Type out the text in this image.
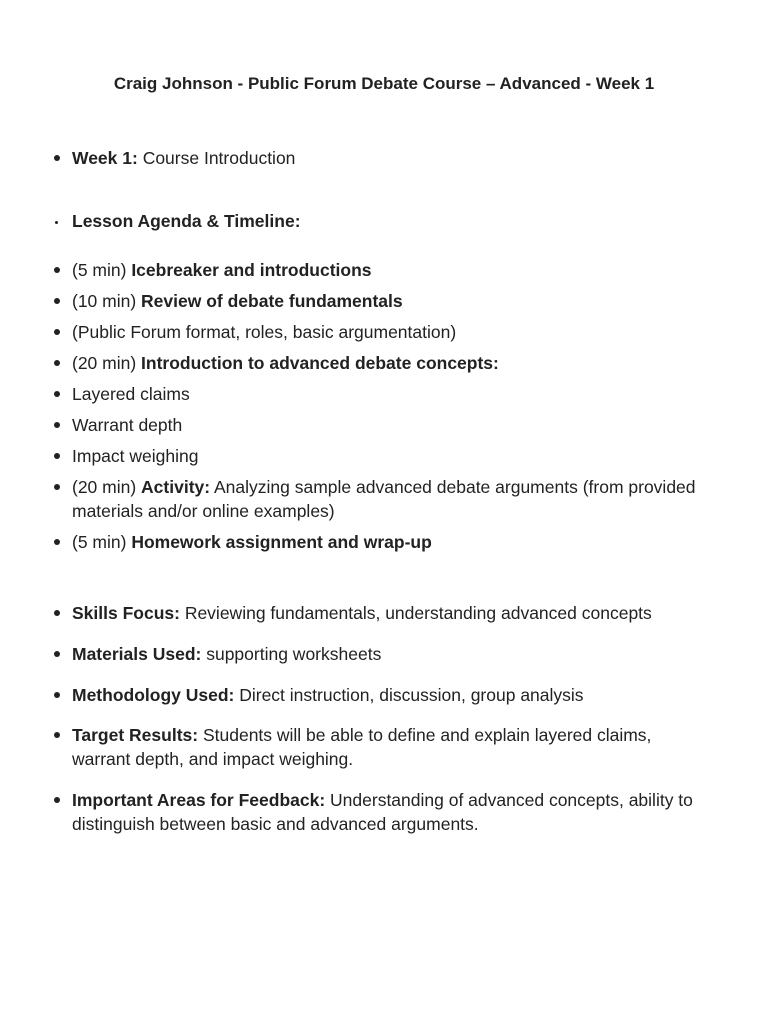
Craig Johnson - Public Forum Debate Course – Advanced - Week 1

Week 1: Course Introduction

Lesson Agenda & Timeline:

(5 min) Icebreaker and introductions

(10 min) Review of debate fundamentals

(Public Forum format, roles, basic argumentation)

(20 min) Introduction to advanced debate concepts:

Layered claims

Warrant depth

Impact weighing

(20 min) Activity: Analyzing sample advanced debate arguments (from provided materials and/or online examples)

(5 min) Homework assignment and wrap-up

Skills Focus: Reviewing fundamentals, understanding advanced concepts

Materials Used: supporting worksheets

Methodology Used: Direct instruction, discussion, group analysis

Target Results: Students will be able to define and explain layered claims, warrant depth, and impact weighing.

Important Areas for Feedback: Understanding of advanced concepts, ability to distinguish between basic and advanced arguments.
